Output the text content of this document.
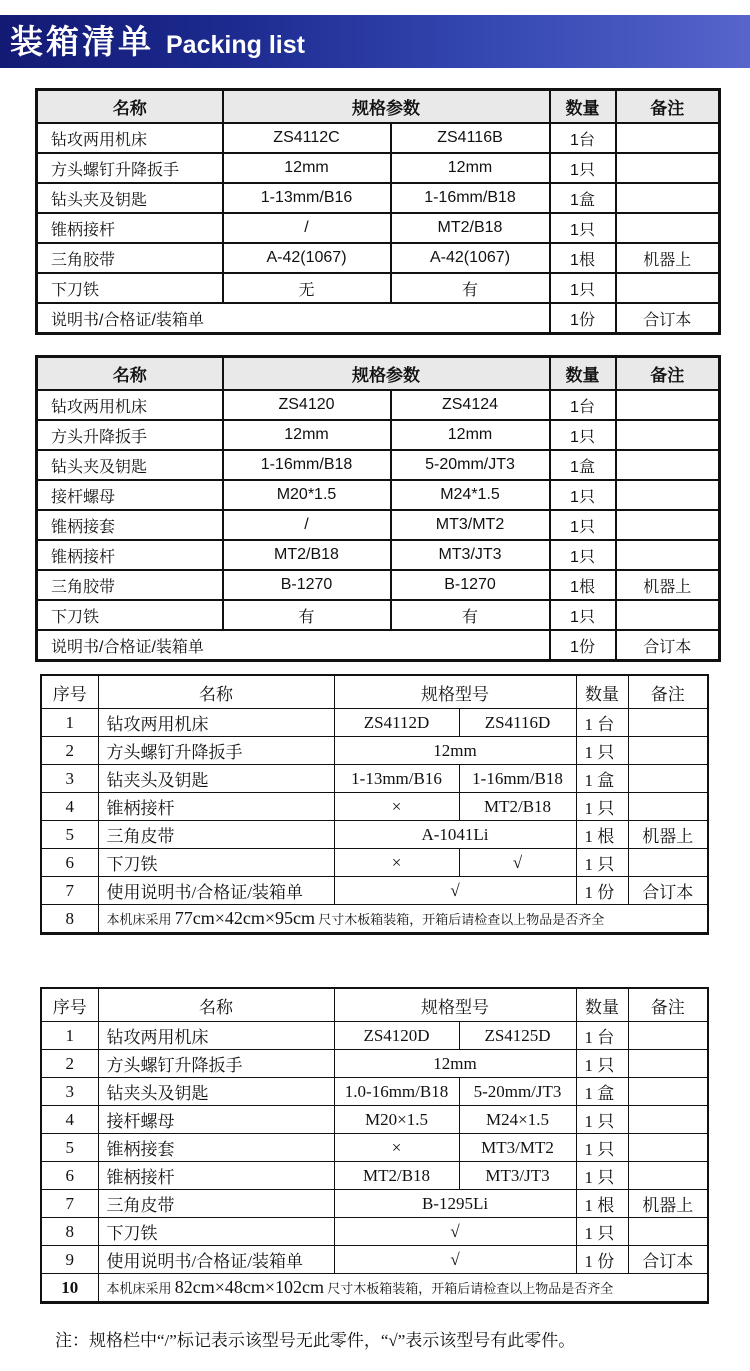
装箱清单 Packing list
名称	规格参数		数量	备注
钻攻两用机床	ZS4112C	ZS4116B	1台	
方头螺钉升降扳手	12mm	12mm	1只	
钻头夹及钥匙	1-13mm/B16	1-16mm/B18	1盒	
锥柄接杆	/	MT2/B18	1只	
三角胶带	A-42(1067)	A-42(1067)	1根	机器上
下刀铁	无	有	1只	
说明书/合格证/装箱单			1份	合订本
名称	规格参数		数量	备注
钻攻两用机床	ZS4120	ZS4124	1台	
方头升降扳手	12mm	12mm	1只	
钻头夹及钥匙	1-16mm/B18	5-20mm/JT3	1盒	
接杆螺母	M20*1.5	M24*1.5	1只	
锥柄接套	/	MT3/MT2	1只	
锥柄接杆	MT2/B18	MT3/JT3	1只	
三角胶带	B-1270	B-1270	1根	机器上
下刀铁	有	有	1只	
说明书/合格证/装箱单			1份	合订本
序号	名称	规格型号		数量	备注
1	钻攻两用机床	ZS4112D	ZS4116D	1 台	
2	方头螺钉升降扳手	12mm		1 只	
3	钻夹头及钥匙	1-13mm/B16	1-16mm/B18	1 盒	
4	锥柄接杆	×	MT2/B18	1 只	
5	三角皮带	A-1041Li		1 根	机器上
6	下刀铁	×	√	1 只	
7	使用说明书/合格证/装箱单	√		1 份	合订本
8	本机床采用 77cm×42cm×95cm 尺寸木板箱装箱，开箱后请检查以上物品是否齐全				
序号	名称	规格型号		数量	备注
1	钻攻两用机床	ZS4120D	ZS4125D	1 台	
2	方头螺钉升降扳手	12mm		1 只	
3	钻夹头及钥匙	1.0-16mm/B18	5-20mm/JT3	1 盒	
4	接杆螺母	M20×1.5	M24×1.5	1 只	
5	锥柄接套	×	MT3/MT2	1 只	
6	锥柄接杆	MT2/B18	MT3/JT3	1 只	
7	三角皮带	B-1295Li		1 根	机器上
8	下刀铁	√		1 只	
9	使用说明书/合格证/装箱单	√		1 份	合订本
10	本机床采用 82cm×48cm×102cm 尺寸木板箱装箱，开箱后请检查以上物品是否齐全				
注：规格栏中“/”标记表示该型号无此零件，“√”表示该型号有此零件。
